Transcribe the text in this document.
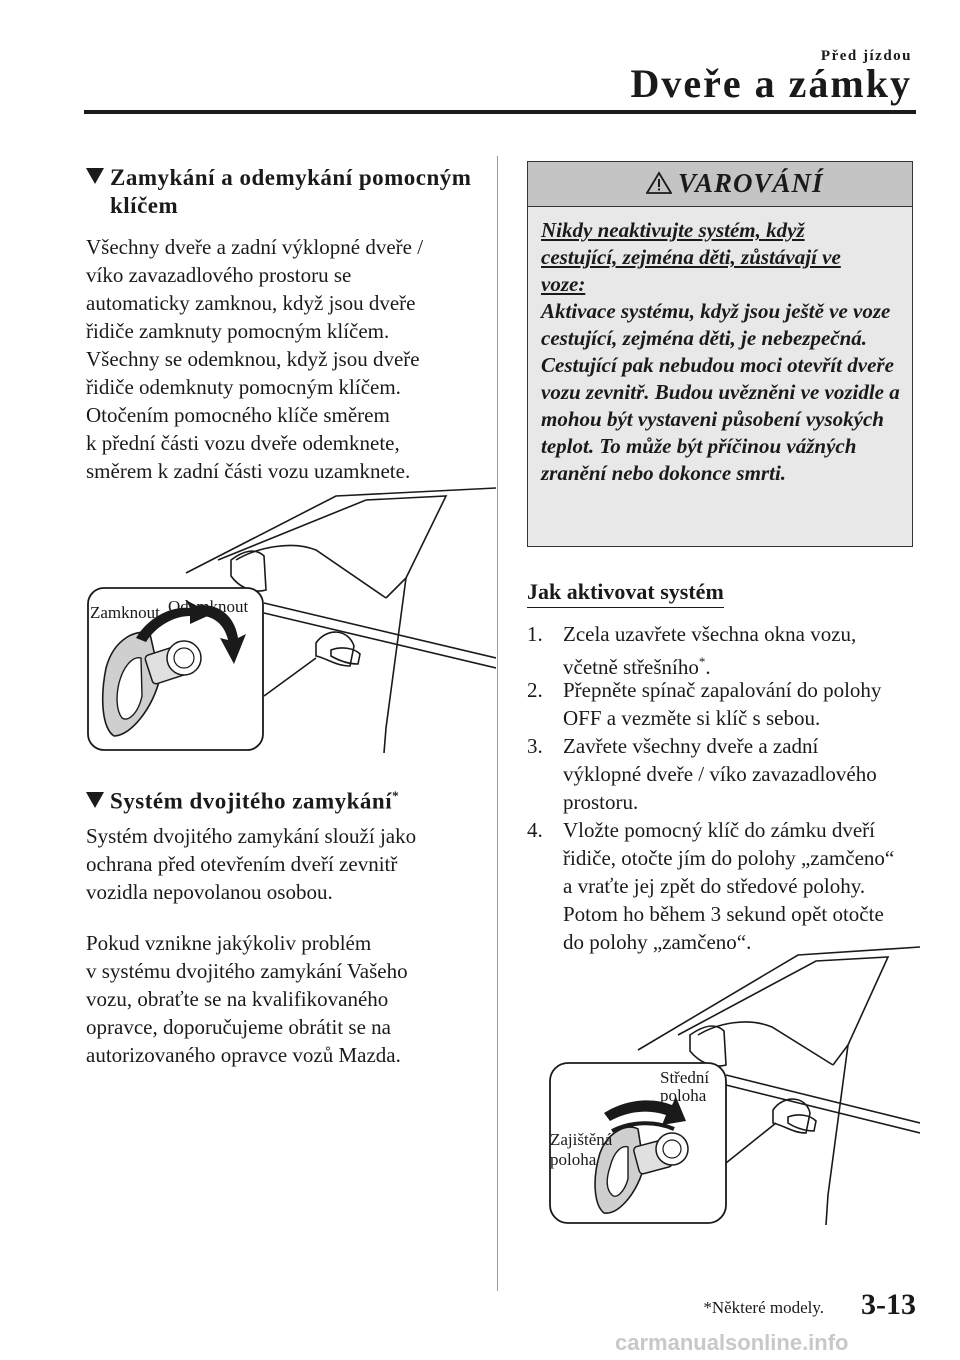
Před jízdou
Dveře a zámky
Zamykání a odemykání pomocným
klíčem
Všechny dveře a zadní výklopné dveře /
víko zavazadlového prostoru se
automaticky zamknou, když jsou dveře
řidiče zamknuty pomocným klíčem.
Všechny se odemknou, když jsou dveře
řidiče odemknuty pomocným klíčem.
Otočením pomocného klíče směrem
k přední části vozu dveře odemknete,
směrem k zadní části vozu uzamknete.
Zamknout Odemknout
Systém dvojitého zamykání*
Systém dvojitého zamykání slouží jako
ochrana před otevřením dveří zevnitř
vozidla nepovolanou osobou.
Pokud vznikne jakýkoliv problém
v systému dvojitého zamykání Vašeho
vozu, obraťte se na kvalifikovaného
opravce, doporučujeme obrátit se na
autorizovaného opravce vozů Mazda.
VAROVÁNÍ
Nikdy neaktivujte systém, když
cestující, zejména děti, zůstávají ve
voze:
Aktivace systému, když jsou ještě ve voze cestující, zejména děti, je nebezpečná. Cestující pak nebudou moci otevřít dveře vozu zevnitř. Budou uvězněni ve vozidle a mohou být vystaveni působení vysokých teplot. To může být příčinou vážných zranění nebo dokonce smrti.
Jak aktivovat systém
1. Zcela uzavřete všechna okna vozu,
včetně střešního*.
2. Přepněte spínač zapalování do polohy
OFF a vezměte si klíč s sebou.
3. Zavřete všechny dveře a zadní
výklopné dveře / víko zavazadlového
prostoru.
4. Vložte pomocný klíč do zámku dveří
řidiče, otočte jím do polohy „zamčeno“
a vraťte jej zpět do středové polohy.
Potom ho během 3 sekund opět otočte
do polohy „zamčeno“.
Střední
poloha
Zajištěná
poloha
*Některé modely. 3-13
carmanualsonline.info
